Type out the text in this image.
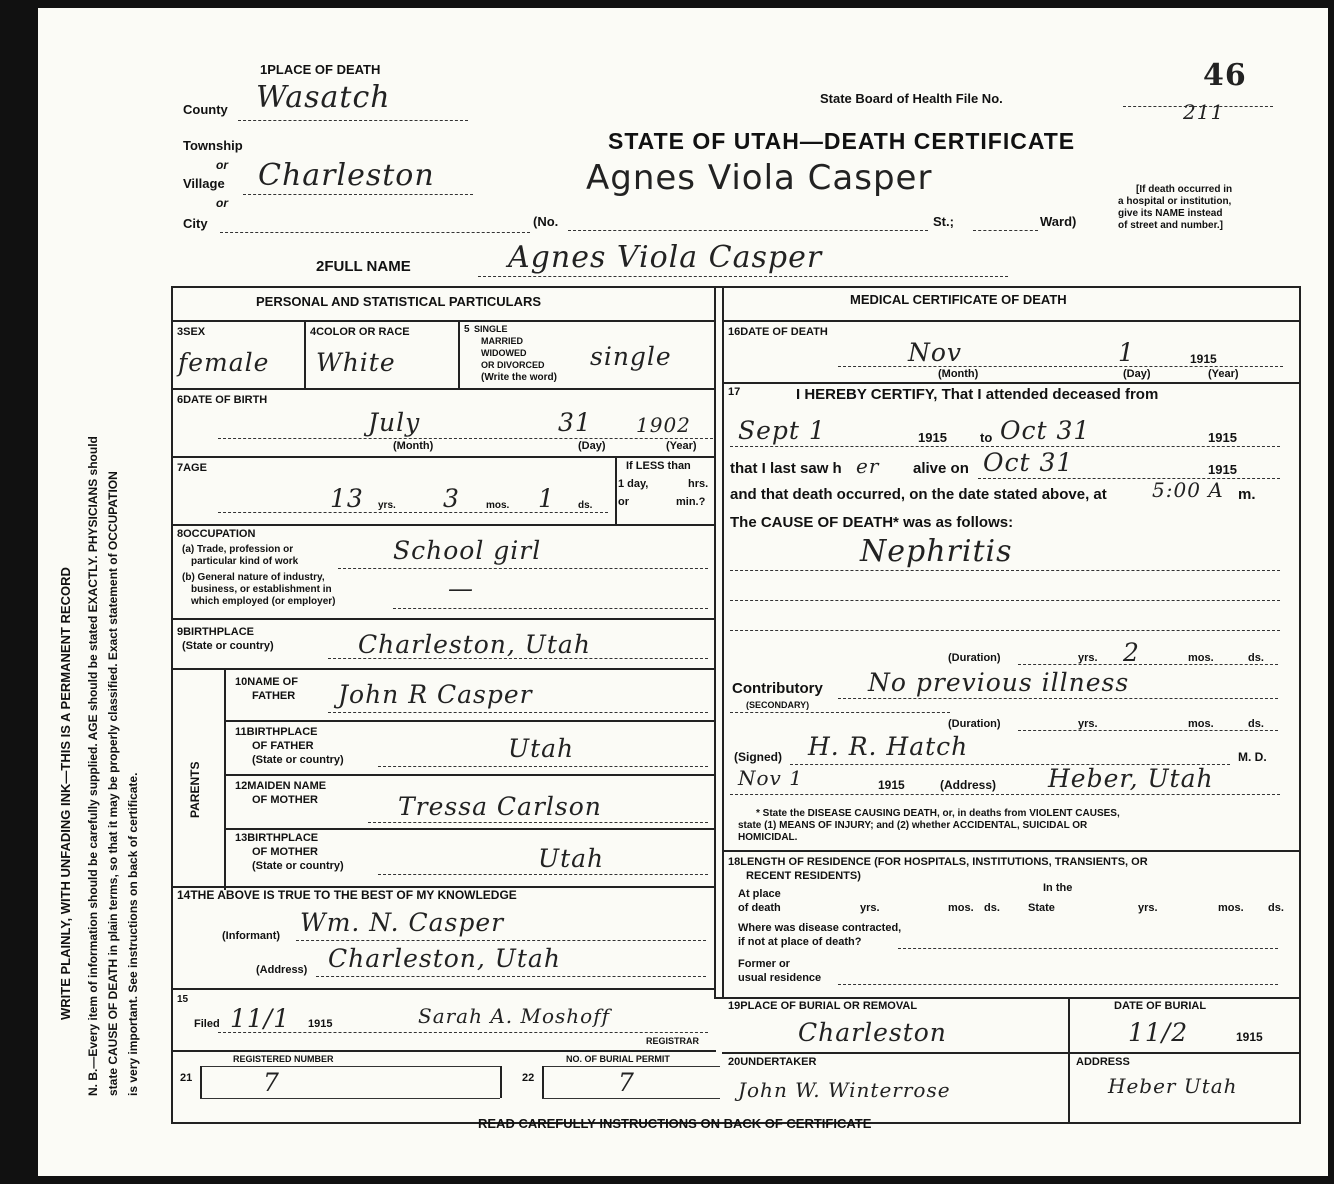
WRITE PLAINLY, WITH UNFADING INK—THIS IS A PERMANENT RECORD N. B.—Every item of information should be carefully supplied. AGE should be stated EXACTLY. PHYSICIANS should state CAUSE OF DEATH in plain terms, so that it may be properly classified. Exact statement of OCCUPATION is very important. See instructions on back of certificate.
1PLACE OF DEATH
County Wasatch
Township
or
Village Charleston
or
City	(No.	St.;	Ward)
State Board of Health File No.
46
211
STATE OF UTAH—DEATH CERTIFICATE
Agnes Viola Casper	[If death occurred in
a hospital or institution,
give its NAME instead
of street and number.]
2FULL NAME	Agnes Viola Casper
PERSONAL AND STATISTICAL PARTICULARS
3SEX
female
4COLOR OR RACE
White
5 SINGLE
MARRIED
WIDOWED
OR DIVORCED
(Write the word)
single
6DATE OF BIRTH
July	31 1902
(Month)	(Day)	(Year)
7AGE
13 yrs. 3	mos. 1 ds.
If LESS than
1 day,	hrs.
or	min.?
8OCCUPATION
(a) Trade, profession or
particular kind of work
(b) General nature of industry,
business, or establishment in
which employed (or employer)
School girl
—
9BIRTHPLACE
(State or country)	Charleston, Utah
PARENTS
10NAME OF
FATHER John R Casper
11BIRTHPLACE
OF FATHER
(State or country)	Utah
12MAIDEN NAME
OF MOTHER	Tressa Carlson
13BIRTHPLACE
OF MOTHER
(State or country)	Utah
14THE ABOVE IS TRUE TO THE BEST OF MY KNOWLEDGE
(Informant) Wm. N. Casper
(Address) Charleston, Utah
15
Filed 11/1 1915	Sarah A. Moshoff
REGISTRAR
REGISTERED NUMBER
21	7
NO. OF BURIAL PERMIT
22	7
MEDICAL CERTIFICATE OF DEATH
16DATE OF DEATH
Nov	1	1915
(Month)	(Day)	(Year)
17	I HEREBY CERTIFY, That I attended deceased from
Sept 1	1915	to Oct 31	1915
that I last saw h er alive on Oct 31	1915
and that death occurred, on the date stated above, at 5:00 A m.
The CAUSE OF DEATH* was as follows:
Nephritis
(Duration)	yrs. 2	mos.	ds.
Contributory
(SECONDARY)
No previous illness
(Duration)	yrs.	mos.	ds.
(Signed) H. R. Hatch	M. D.
Nov 1	1915	(Address) Heber, Utah
* State the DISEASE CAUSING DEATH, or, in deaths from VIOLENT CAUSES,
state (1) MEANS OF INJURY; and (2) whether ACCIDENTAL, SUICIDAL OR
HOMICIDAL.
18LENGTH OF RESIDENCE (FOR HOSPITALS, INSTITUTIONS, TRANSIENTS, OR
RECENT RESIDENTS)
At place
of death	yrs.	mos. ds.
In the
State	yrs.	mos. ds.
Where was disease contracted,
if not at place of death?
Former or
usual residence
19PLACE OF BURIAL OR REMOVAL
Charleston
DATE OF BURIAL
11/2	1915
20UNDERTAKER
John W. Winterrose
ADDRESS
Heber Utah
READ CAREFULLY INSTRUCTIONS ON BACK OF CERTIFICATE
